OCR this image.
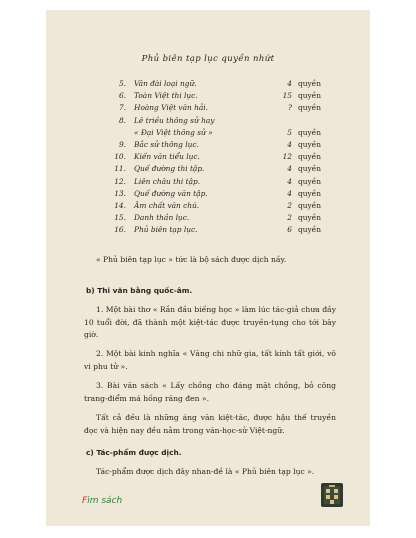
Phủ biên tạp lục quyền nhứt
5. Vân đài loại ngữ.	4 quyền
6. Toàn Việt thi lục.	15 quyền
7. Hoàng Việt văn hải.	? quyền
8. Lê triều thông sử hay
« Đại Việt thông sử »	5 quyền
9. Bắc sử thông lục.	4 quyền
10. Kiến văn tiểu lục.	12 quyền
11. Quế đường thi tập.	4 quyền
12. Liên châu thi tập.	4 quyền
13. Quế đường văn tập.	4 quyền
14. Âm chất văn chú.	2 quyền
15. Danh thần lục.	2 quyền
16. Phủ biên tạp lục.	6 quyền
« Phủ biên tạp lục » tức là bộ sách được dịch nầy.
b) Thi văn bằng quốc-âm.
1. Một bài thơ « Rắn đầu biếng học » làm lúc tác-giả chưa đầy 10 tuổi đời, đã thành một kiệt-tác được truyền-tụng cho tới bây giờ.
2. Một bài kinh nghĩa « Văng chi nhữ gia, tất kính tất giới, vô vi phu tử ».
3. Bài văn sách « Lấy chồng cho đáng mặt chồng, bỏ công trang-điểm má hồng răng đen ».
Tất cả đều là những áng văn kiệt-tác, được hậu thế truyền đọc và hiện nay đều nằm trong văn-học-sử Việt-ngữ.
c) Tác-phẩm được dịch.
Tác-phẩm được dịch đây nhan-đề là « Phủ biên tạp lục ».
Fìm sách
